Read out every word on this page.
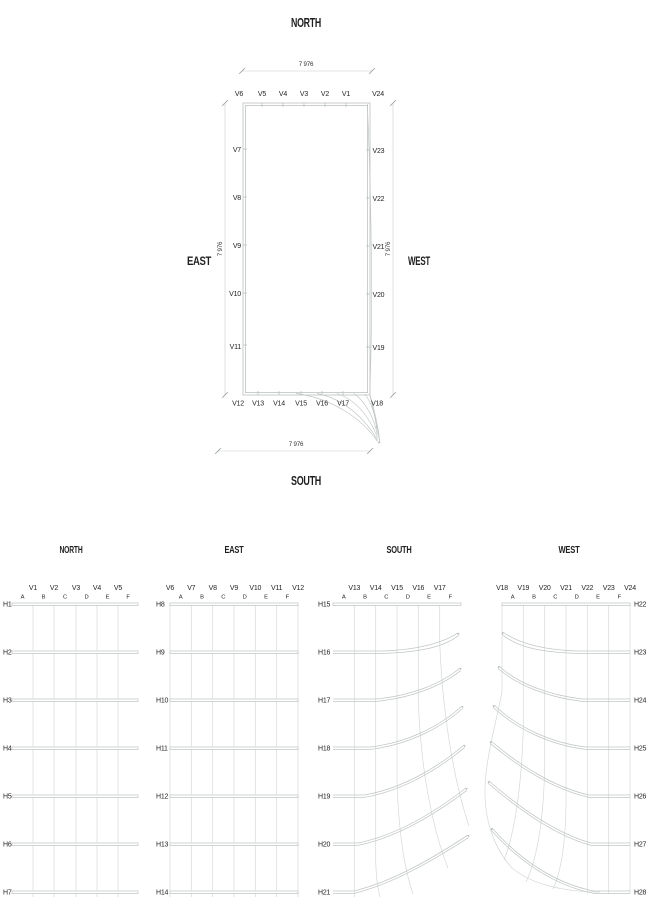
NORTH
SOUTH
EAST	WEST
7 976
7 976
7 976	7 976
V6 V5 V4 V3 V2 V1	V24
V7
V8
V9
V10
V11
V23
V22
V21
V20
V19
V12 V13 V14 V15 V16 V17	V18
NORTH
V1 V2 V3 V4 V5
A	B	C	D	E	F
H1
H2
H3
H4
H5
H6
H7
EAST
V6 V7 V8 V9 V10 V11 V12
A	B	C	D	E	F
H8
H9
H10
H11
H12
H13
H14
SOUTH
V13 V14 V15 V16 V17
A	B	C	D	E	F
H15
H16
H17
H18
H19
H20
H21
WEST
V18 V19 V20 V21 V22 V23 V24
A	B	C	D	E	F
H22
H23
H24
H25
H26
H27
H28
